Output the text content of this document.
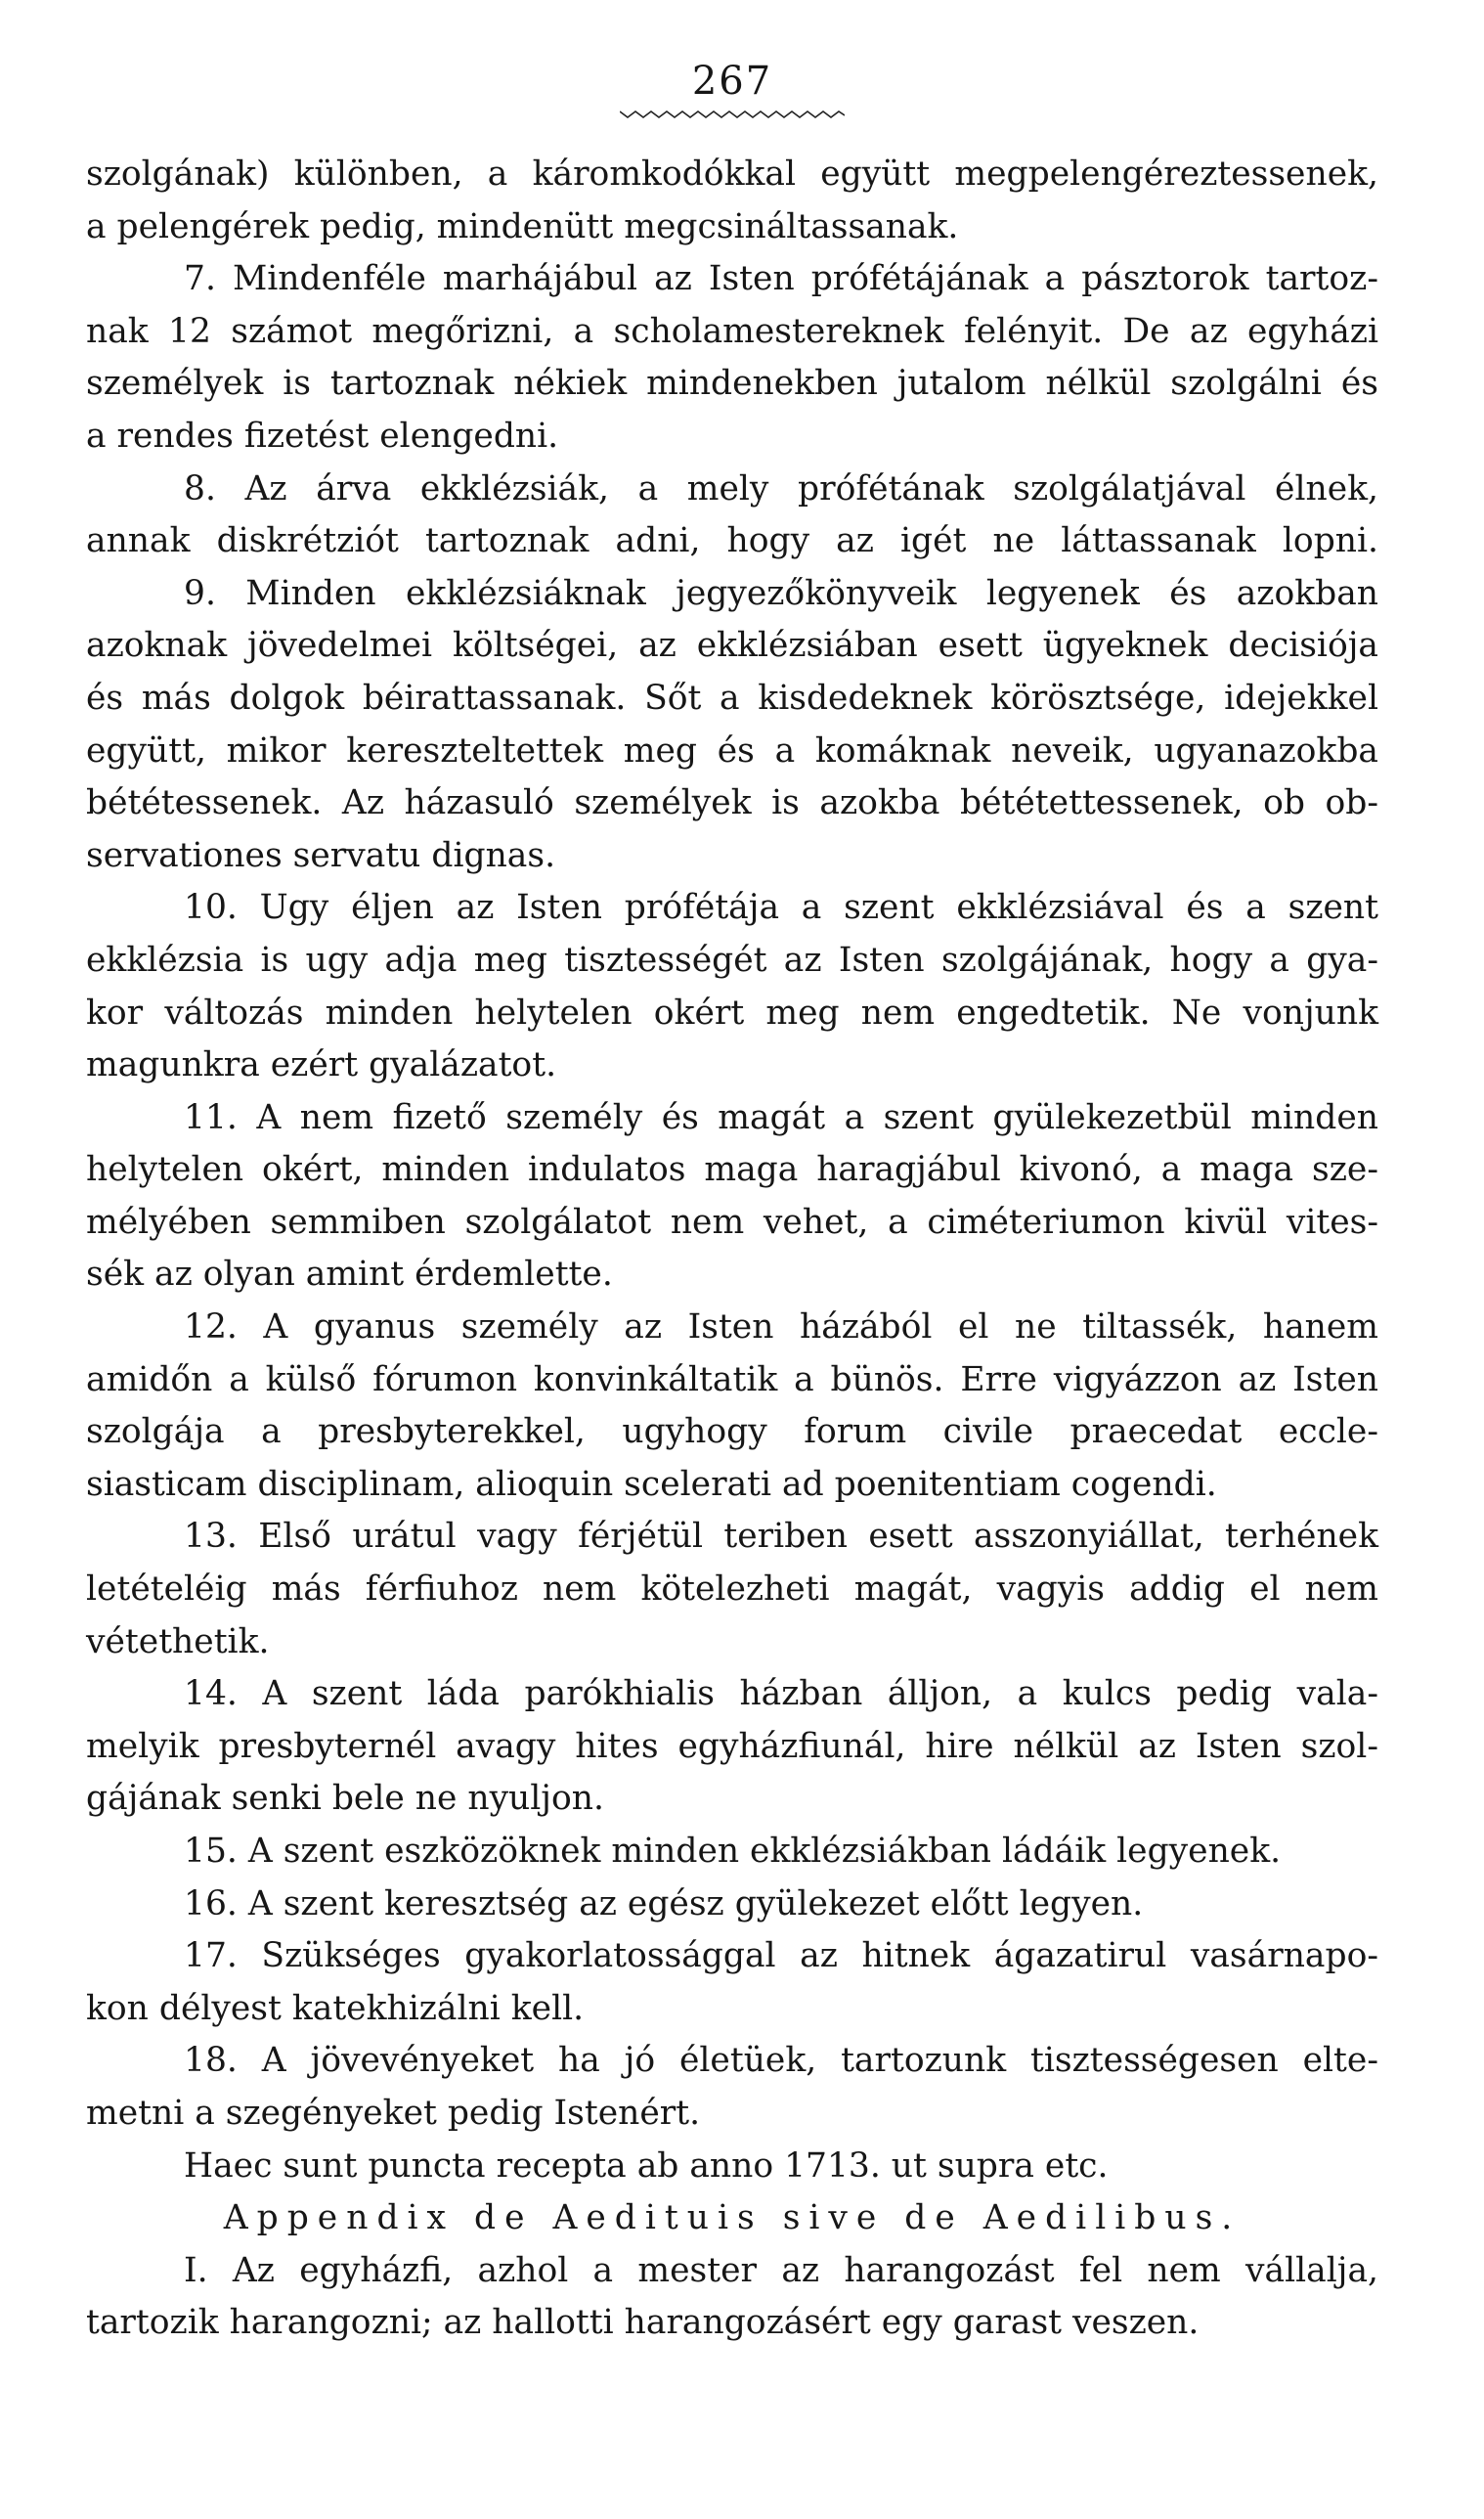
267
szolgának) különben, a káromkodókkal együtt megpelengéreztessenek,
a pelengérek pedig, mindenütt megcsináltassanak.
7. Mindenféle marhájábul az Isten prófétájának a pásztorok tartoz-
nak 12 számot megőrizni, a scholamestereknek felényit. De az egyházi
személyek is tartoznak nékiek mindenekben jutalom nélkül szolgálni és
a rendes fizetést elengedni.
8. Az árva ekklézsiák, a mely prófétának szolgálatjával élnek,
annak diskrétziót tartoznak adni, hogy az igét ne láttassanak lopni.
9. Minden ekklézsiáknak jegyezőkönyveik legyenek és azokban
azoknak jövedelmei költségei, az ekklézsiában esett ügyeknek decisiója
és más dolgok béirattassanak. Sőt a kisdedeknek körösztsége, idejekkel
együtt, mikor kereszteltettek meg és a komáknak neveik, ugyanazokba
bététessenek. Az házasuló személyek is azokba bététettessenek, ob ob-
servationes servatu dignas.
10. Ugy éljen az Isten prófétája a szent ekklézsiával és a szent
ekklézsia is ugy adja meg tisztességét az Isten szolgájának, hogy a gya-
kor változás minden helytelen okért meg nem engedtetik. Ne vonjunk
magunkra ezért gyalázatot.
11. A nem fizető személy és magát a szent gyülekezetbül minden
helytelen okért, minden indulatos maga haragjábul kivonó, a maga sze-
mélyében semmiben szolgálatot nem vehet, a ciméteriumon kivül vites-
sék az olyan amint érdemlette.
12. A gyanus személy az Isten házából el ne tiltassék, hanem
amidőn a külső fórumon konvinkáltatik a bünös. Erre vigyázzon az Isten
szolgája a presbyterekkel, ugyhogy forum civile praecedat eccle-
siasticam disciplinam, alioquin scelerati ad poenitentiam cogendi.
13. Első urátul vagy férjétül teriben esett asszonyiállat, terhének
letételéig más férfiuhoz nem kötelezheti magát, vagyis addig el nem
vétethetik.
14. A szent láda parókhialis házban álljon, a kulcs pedig vala-
melyik presbyternél avagy hites egyházfiunál, hire nélkül az Isten szol-
gájának senki bele ne nyuljon.
15. A szent eszközöknek minden ekklézsiákban ládáik legyenek.
16. A szent keresztség az egész gyülekezet előtt legyen.
17. Szükséges gyakorlatossággal az hitnek ágazatirul vasárnapo-
kon délyest katekhizálni kell.
18. A jövevényeket ha jó életüek, tartozunk tisztességesen elte-
metni a szegényeket pedig Istenért.
Haec sunt puncta recepta ab anno 1713. ut supra etc.
Appendix de Aedituis sive de Aedilibus.
I. Az egyházfi, azhol a mester az harangozást fel nem vállalja,
tartozik harangozni; az hallotti harangozásért egy garast veszen.
